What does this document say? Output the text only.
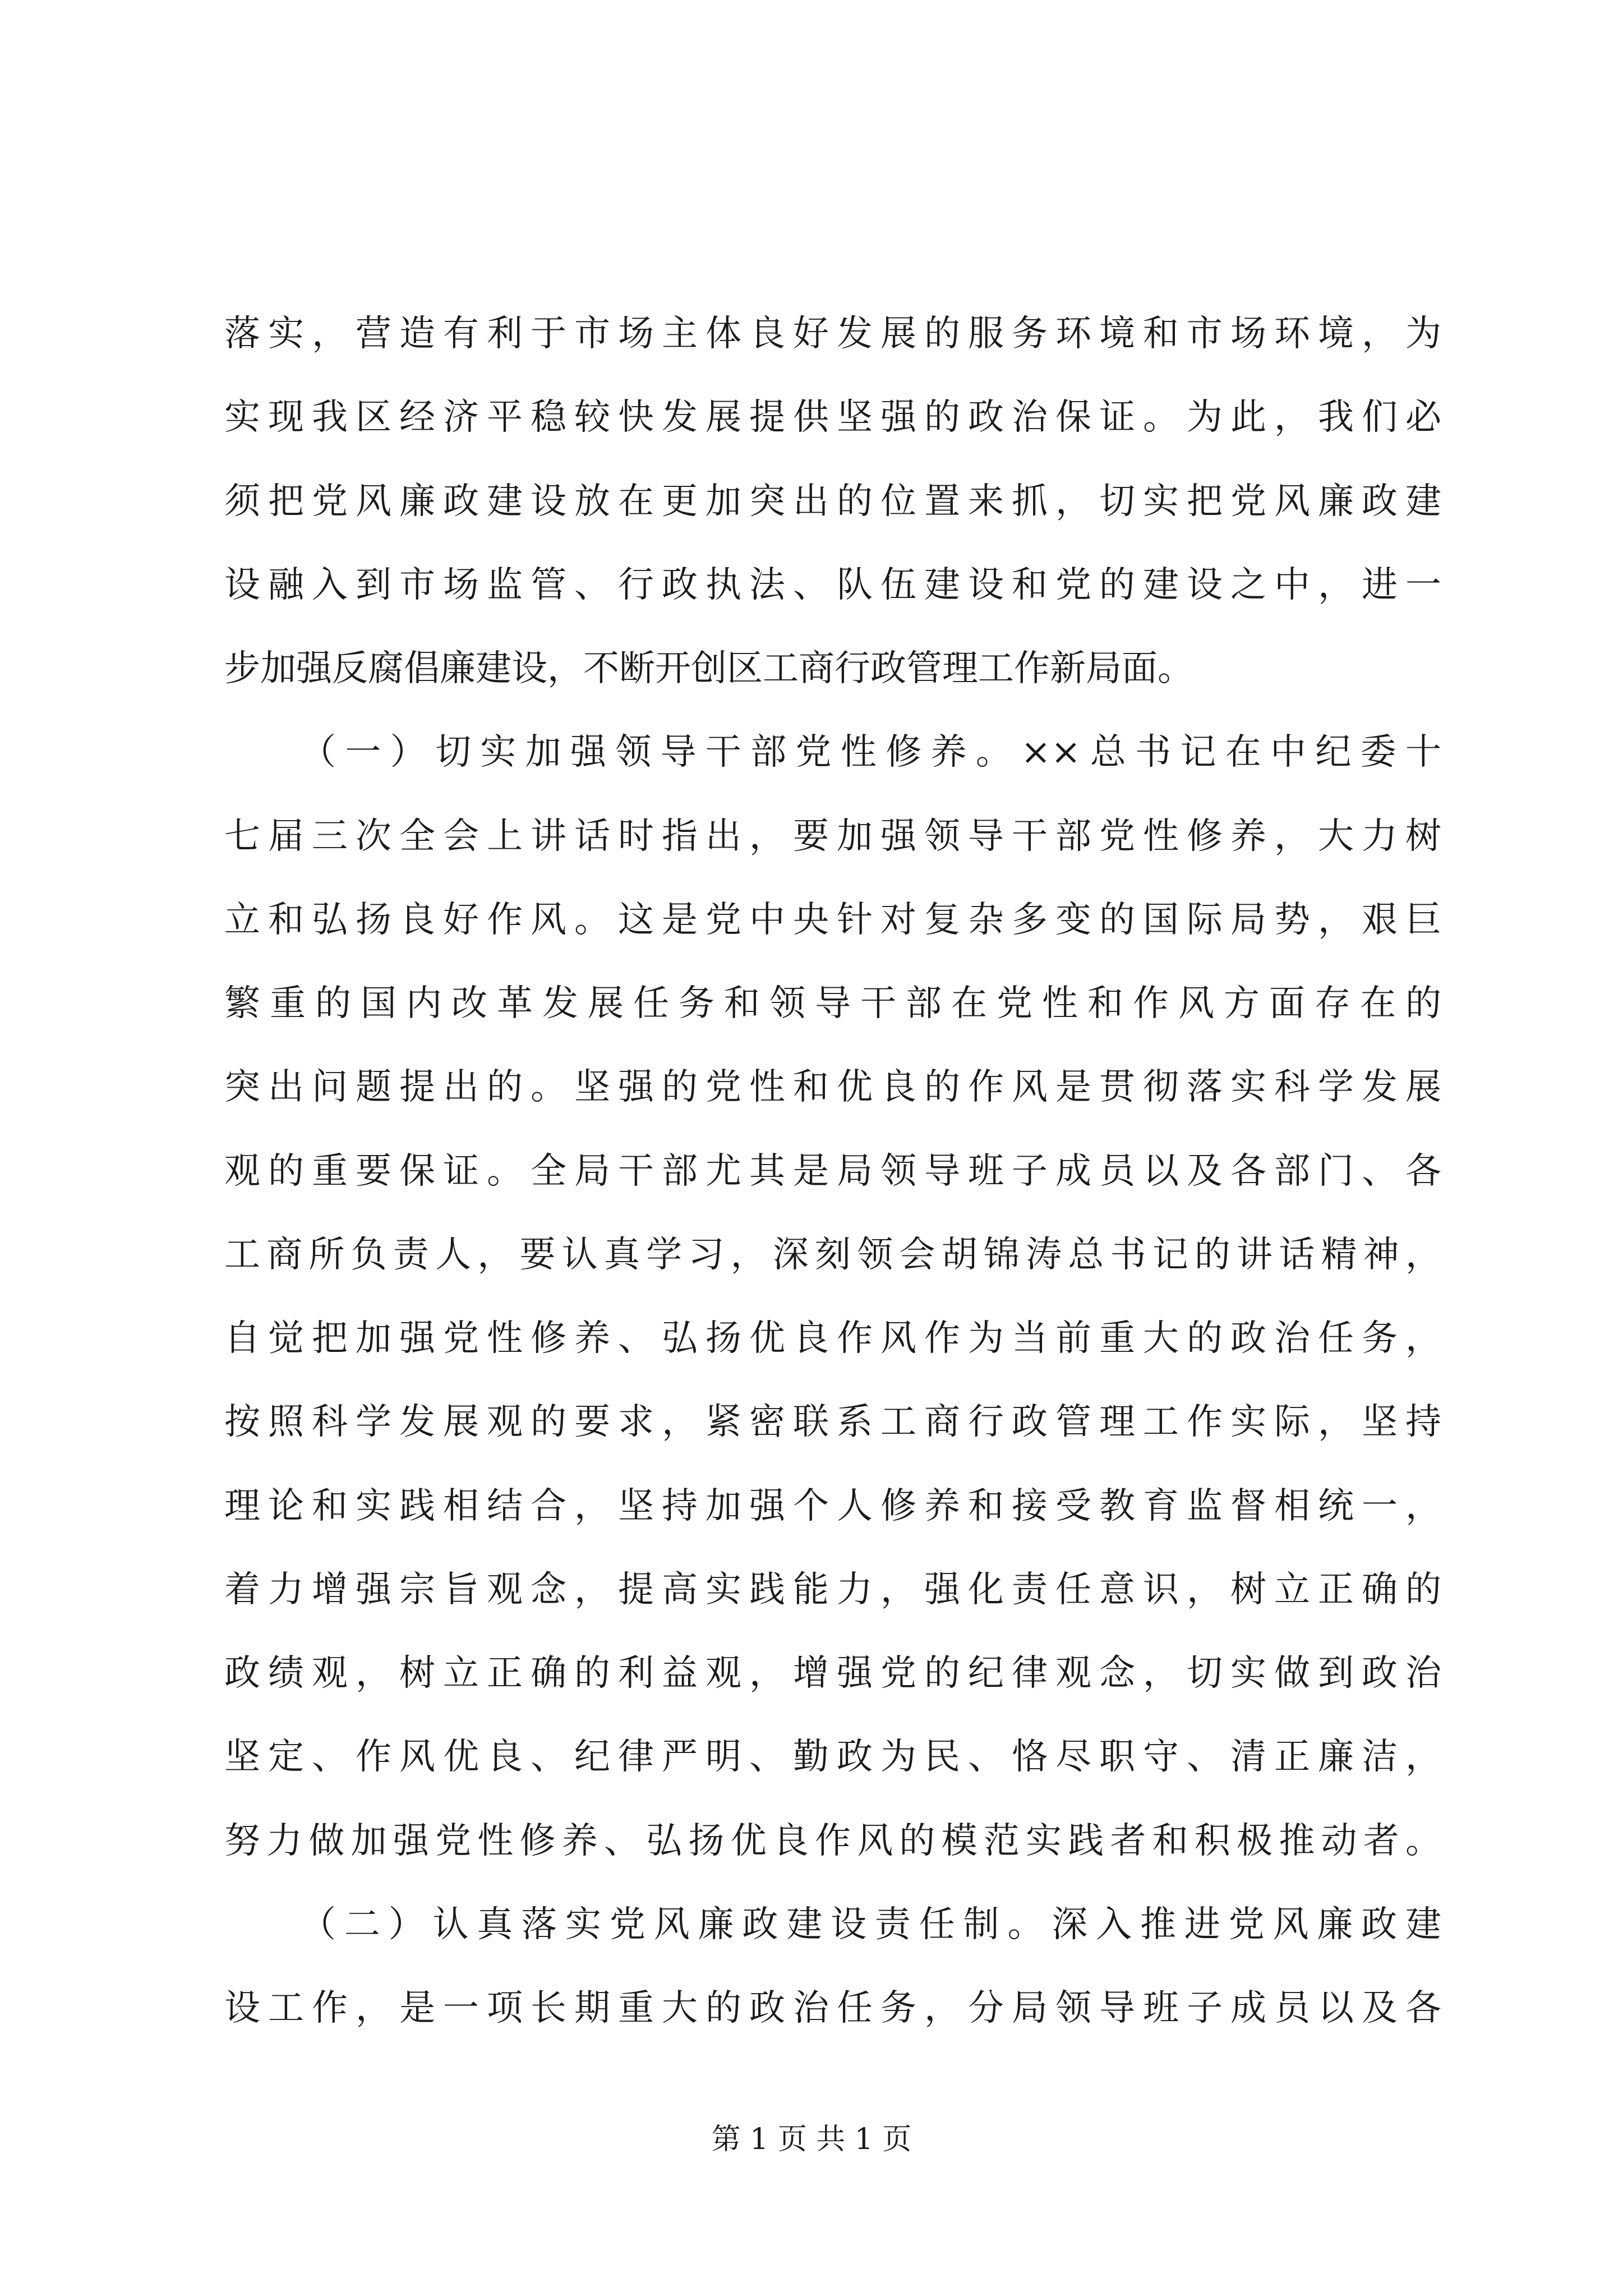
落实，营造有利于市场主体良好发展的服务环境和市场环境，为
实现我区经济平稳较快发展提供坚强的政治保证。为此，我们必
须把党风廉政建设放在更加突出的位置来抓，切实把党风廉政建
设融入到市场监管、行政执法、队伍建设和党的建设之中，进一
步加强反腐倡廉建设，不断开创区工商行政管理工作新局面。
（一）切实加强领导干部党性修养。××总书记在中纪委十
七届三次全会上讲话时指出，要加强领导干部党性修养，大力树
立和弘扬良好作风。这是党中央针对复杂多变的国际局势，艰巨
繁重的国内改革发展任务和领导干部在党性和作风方面存在的
突出问题提出的。坚强的党性和优良的作风是贯彻落实科学发展
观的重要保证。全局干部尤其是局领导班子成员以及各部门、各
工商所负责人，要认真学习，深刻领会胡锦涛总书记的讲话精神，
自觉把加强党性修养、弘扬优良作风作为当前重大的政治任务，
按照科学发展观的要求，紧密联系工商行政管理工作实际，坚持
理论和实践相结合，坚持加强个人修养和接受教育监督相统一，
着力增强宗旨观念，提高实践能力，强化责任意识，树立正确的
政绩观，树立正确的利益观，增强党的纪律观念，切实做到政治
坚定、作风优良、纪律严明、勤政为民、恪尽职守、清正廉洁，
努力做加强党性修养、弘扬优良作风的模范实践者和积极推动者。
（二）认真落实党风廉政建设责任制。深入推进党风廉政建
设工作，是一项长期重大的政治任务，分局领导班子成员以及各
第 1 页 共 1 页
